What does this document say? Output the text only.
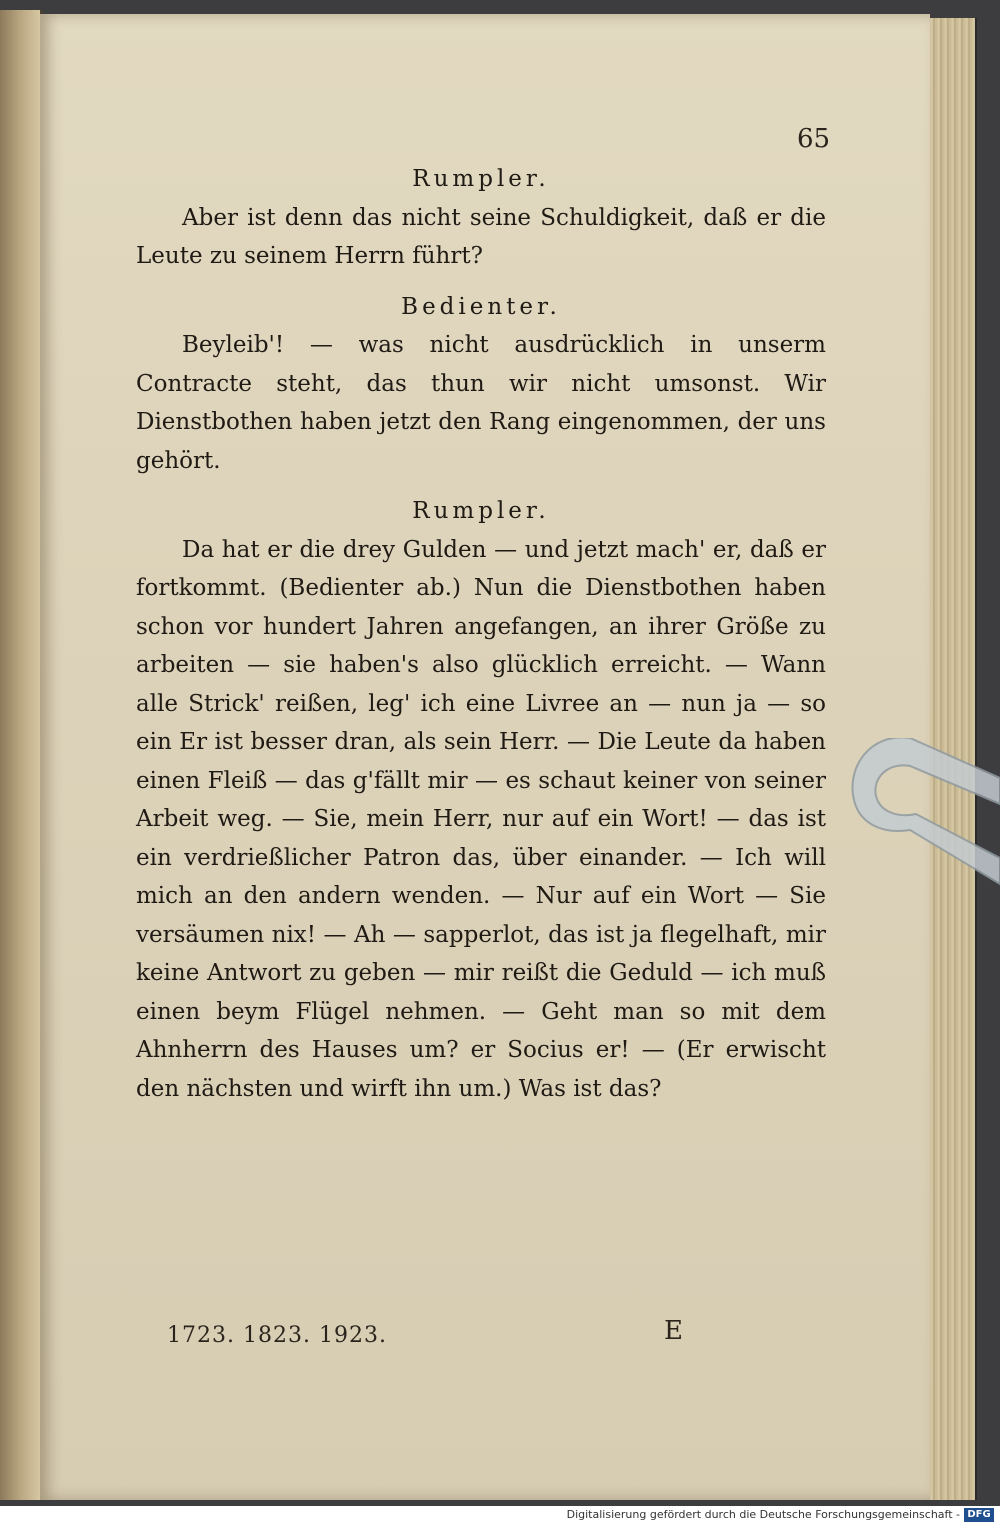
65

Rumpler.

Aber ist denn das nicht seine Schuldigkeit, daß er die Leute zu seinem Herrn führt?

Bedienter.

Beyleib'! — was nicht ausdrücklich in unserm Contracte steht, das thun wir nicht umsonst. Wir Dienstbothen haben jetzt den Rang eingenommen, der uns gehört.

Rumpler.

Da hat er die drey Gulden — und jetzt mach' er, daß er fortkommt. (Bedienter ab.) Nun die Dienstbothen haben schon vor hundert Jahren angefangen, an ihrer Größe zu arbeiten — sie haben's also glücklich erreicht. — Wann alle Strick' reißen, leg' ich eine Livree an — nun ja — so ein Er ist besser dran, als sein Herr. — Die Leute da haben einen Fleiß — das g'fällt mir — es schaut keiner von seiner Arbeit weg. — Sie, mein Herr, nur auf ein Wort! — das ist ein verdrießlicher Patron das, über einander. — Ich will mich an den andern wenden. — Nur auf ein Wort — Sie versäumen nix! — Ah — sapperlot, das ist ja flegelhaft, mir keine Antwort zu geben — mir reißt die Geduld — ich muß einen beym Flügel nehmen. — Geht man so mit dem Ahnherrn des Hauses um? er Socius er! — (Er erwischt den nächsten und wirft ihn um.) Was ist das?

1723. 1823. 1923.	E
Digitalisierung gefördert durch die Deutsche Forschungsgemeinschaft - DFG
